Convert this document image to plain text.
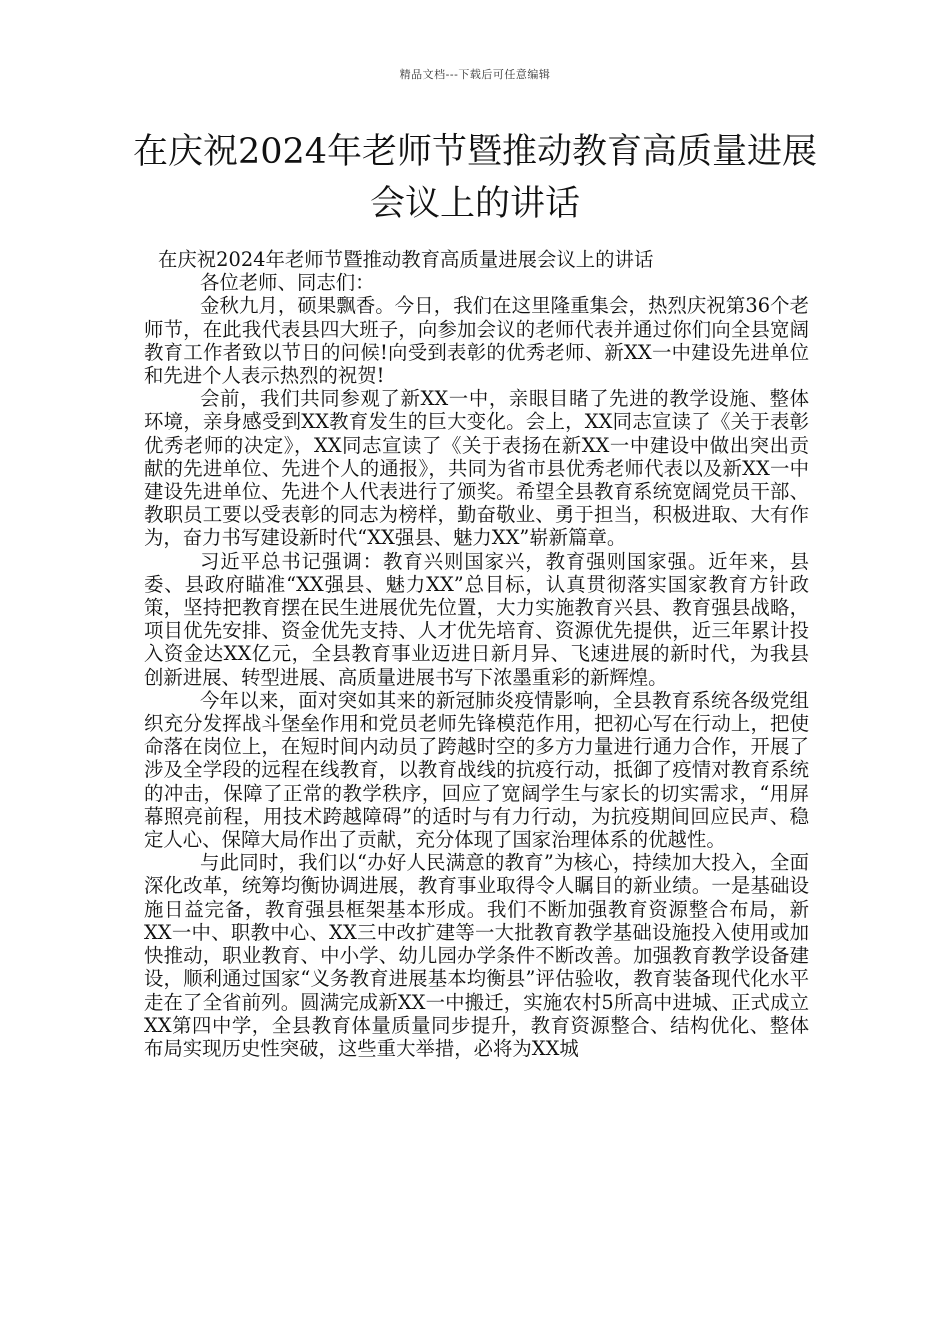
精品文档---下载后可任意编辑
在庆祝2024年老师节暨推动教育高质量进展会议上的讲话

在庆祝2024年老师节暨推动教育高质量进展会议上的讲话

各位老师、同志们：

金秋九月，硕果飘香。今日，我们在这里隆重集会，热烈庆祝第36个老师节，在此我代表县四大班子，向参加会议的老师代表并通过你们向全县宽阔教育工作者致以节日的问候!向受到表彰的优秀老师、新XX一中建设先进单位和先进个人表示热烈的祝贺!

会前，我们共同参观了新XX一中，亲眼目睹了先进的教学设施、整体环境，亲身感受到XX教育发生的巨大变化。会上，XX同志宣读了《关于表彰优秀老师的决定》，XX同志宣读了《关于表扬在新XX一中建设中做出突出贡献的先进单位、先进个人的通报》，共同为省市县优秀老师代表以及新XX一中建设先进单位、先进个人代表进行了颁奖。希望全县教育系统宽阔党员干部、教职员工要以受表彰的同志为榜样，勤奋敬业、勇于担当，积极进取、大有作为，奋力书写建设新时代“XX强县、魅力XX”崭新篇章。

习近平总书记强调：教育兴则国家兴，教育强则国家强。近年来，县委、县政府瞄准“XX强县、魅力XX”总目标，认真贯彻落实国家教育方针政策，坚持把教育摆在民生进展优先位置，大力实施教育兴县、教育强县战略，项目优先安排、资金优先支持、人才优先培育、资源优先提供，近三年累计投入资金达XX亿元，全县教育事业迈进日新月异、飞速进展的新时代，为我县创新进展、转型进展、高质量进展书写下浓墨重彩的新辉煌。

今年以来，面对突如其来的新冠肺炎疫情影响，全县教育系统各级党组织充分发挥战斗堡垒作用和党员老师先锋模范作用，把初心写在行动上，把使命落在岗位上，在短时间内动员了跨越时空的多方力量进行通力合作，开展了涉及全学段的远程在线教育，以教育战线的抗疫行动，抵御了疫情对教育系统的冲击，保障了正常的教学秩序，回应了宽阔学生与家长的切实需求，“用屏幕照亮前程，用技术跨越障碍”的适时与有力行动，为抗疫期间回应民声、稳定人心、保障大局作出了贡献，充分体现了国家治理体系的优越性。

与此同时，我们以“办好人民满意的教育”为核心，持续加大投入，全面深化改革，统筹均衡协调进展，教育事业取得令人瞩目的新业绩。一是基础设施日益完备，教育强县框架基本形成。我们不断加强教育资源整合布局，新XX一中、职教中心、XX三中改扩建等一大批教育教学基础设施投入使用或加快推动，职业教育、中小学、幼儿园办学条件不断改善。加强教育教学设备建设，顺利通过国家“义务教育进展基本均衡县”评估验收，教育装备现代化水平走在了全省前列。圆满完成新XX一中搬迁，实施农村5所高中进城、正式成立XX第四中学，全县教育体量质量同步提升，教育资源整合、结构优化、整体布局实现历史性突破，这些重大举措，必将为XX城
